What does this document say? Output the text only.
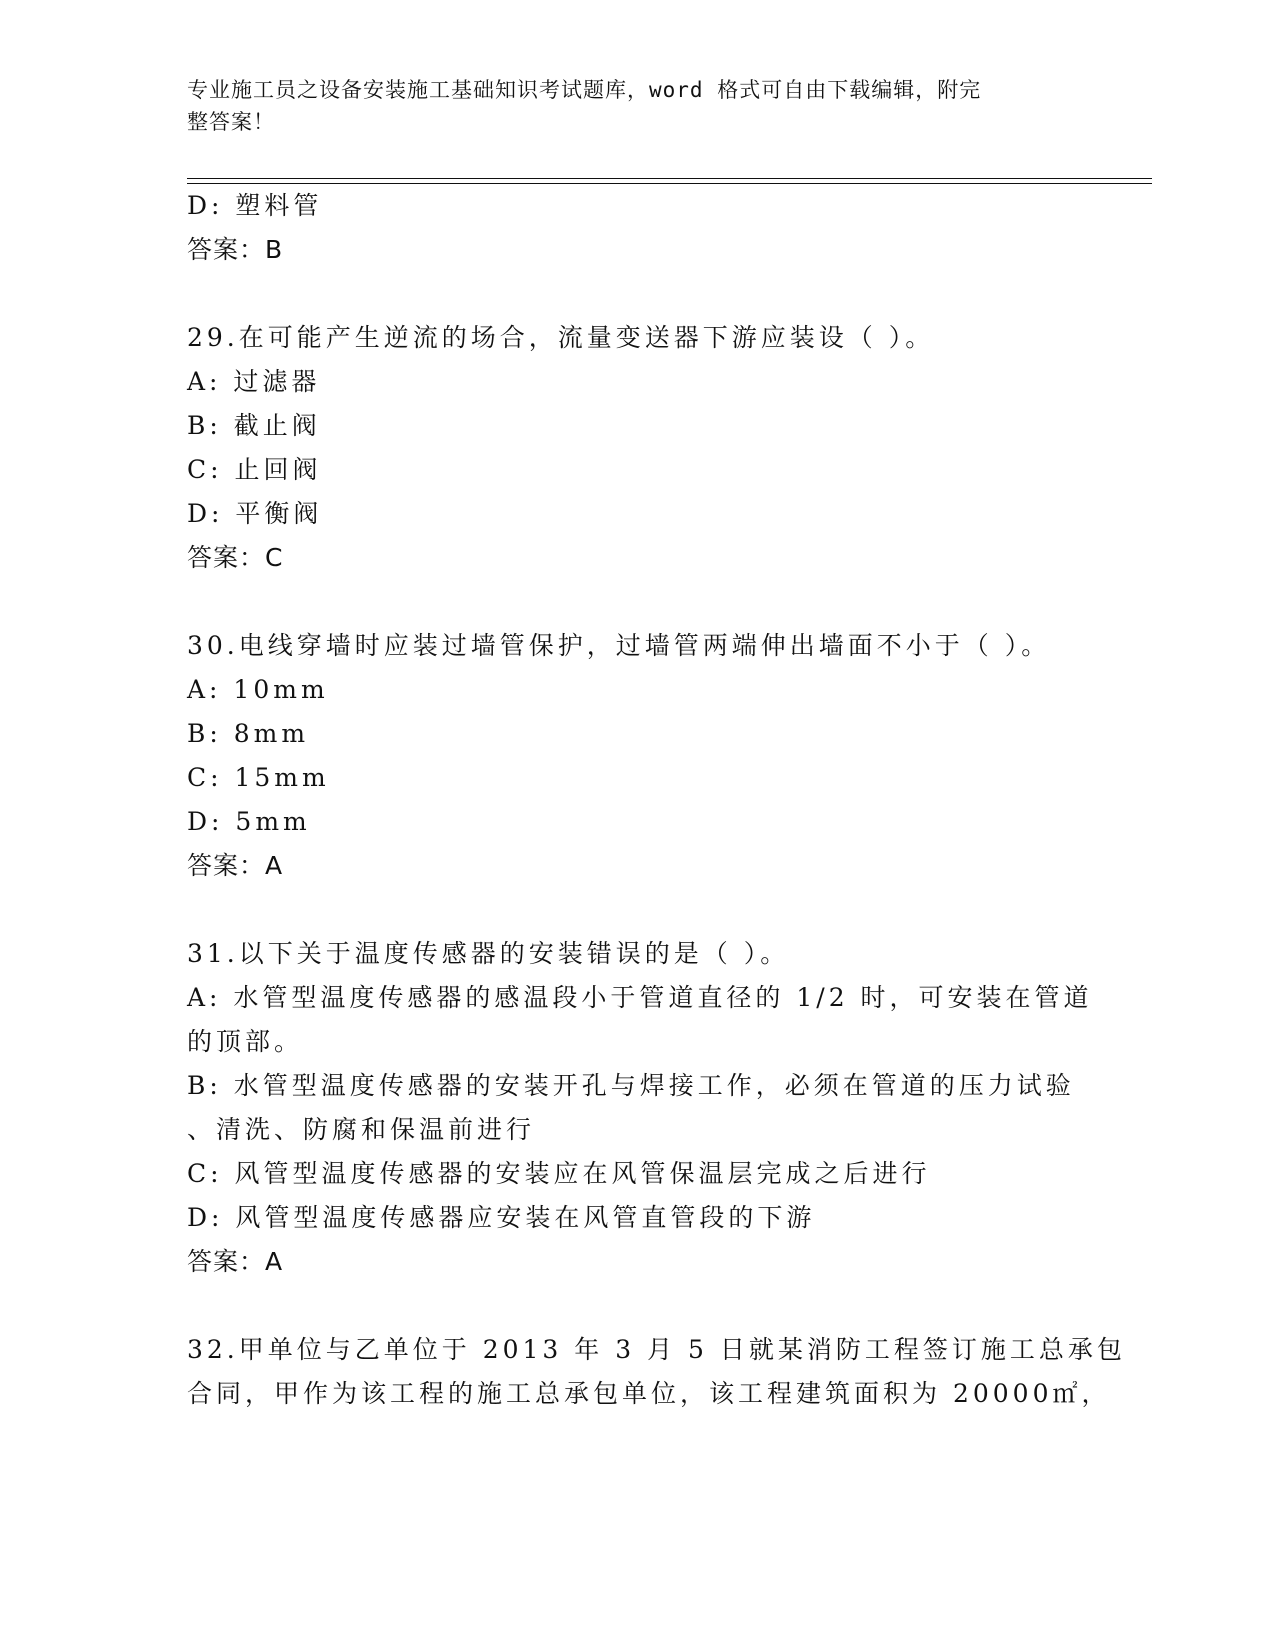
专业施工员之设备安装施工基础知识考试题库，word 格式可自由下载编辑，附完
整答案！
D: 塑料管
答案：B
29.在可能产生逆流的场合，流量变送器下游应装设（ ）。
A: 过滤器
B: 截止阀
C: 止回阀
D: 平衡阀
答案：C
30.电线穿墙时应装过墙管保护，过墙管两端伸出墙面不小于（ ）。
A: 10mm
B: 8mm
C: 15mm
D: 5mm
答案：A
31.以下关于温度传感器的安装错误的是（ ）。
A: 水管型温度传感器的感温段小于管道直径的 1/2 时，可安装在管道
的顶部。
B: 水管型温度传感器的安装开孔与焊接工作，必须在管道的压力试验
、清洗、防腐和保温前进行
C: 风管型温度传感器的安装应在风管保温层完成之后进行
D: 风管型温度传感器应安装在风管直管段的下游
答案：A
32.甲单位与乙单位于 2013 年 3 月 5 日就某消防工程签订施工总承包
合同，甲作为该工程的施工总承包单位，该工程建筑面积为 20000㎡，
